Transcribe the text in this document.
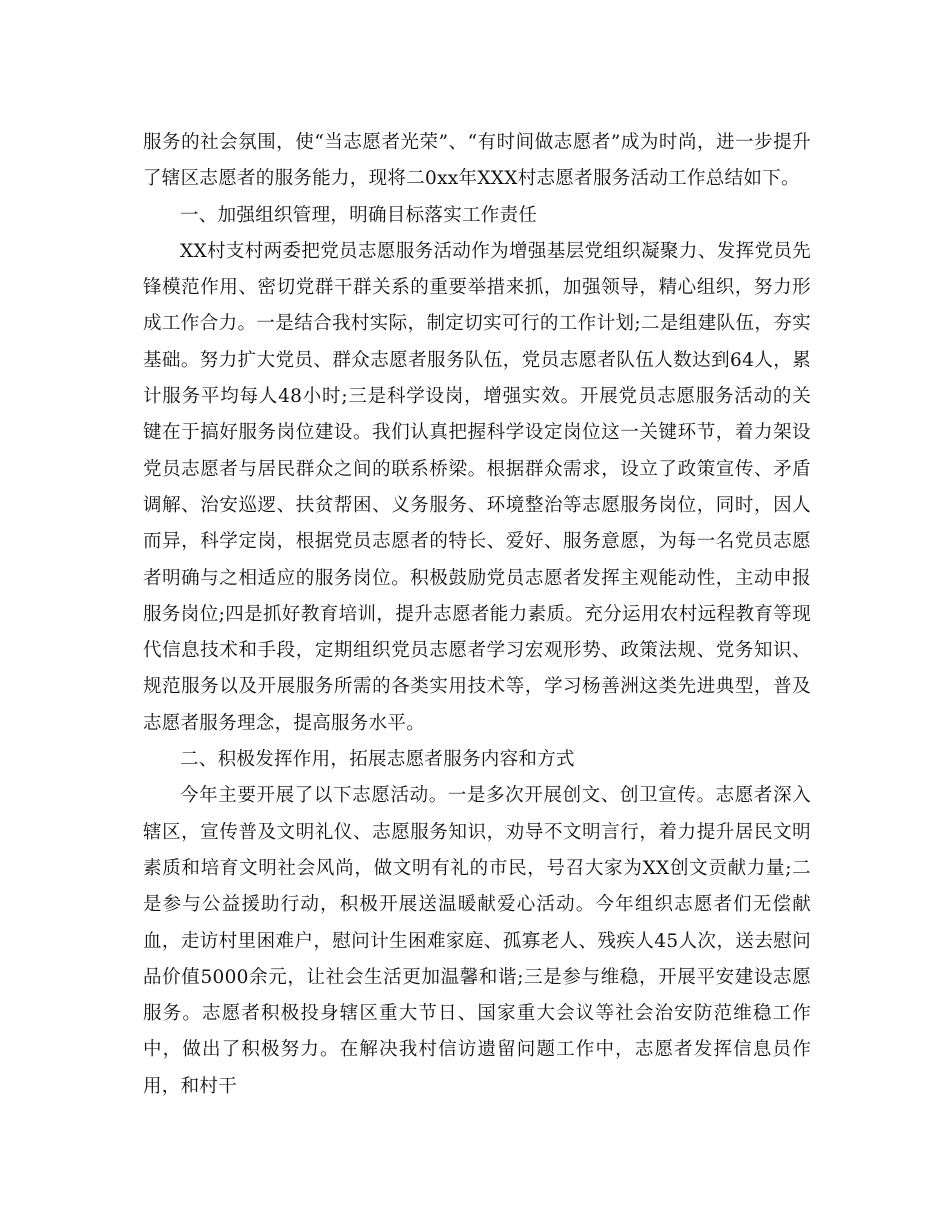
服务的社会氛围，使“当志愿者光荣”、“有时间做志愿者”成为时尚，进一步提升了辖区志愿者的服务能力，现将二0xx年XXX村志愿者服务活动工作总结如下。

一、加强组织管理，明确目标落实工作责任

XX村支村两委把党员志愿服务活动作为增强基层党组织凝聚力、发挥党员先锋模范作用、密切党群干群关系的重要举措来抓，加强领导，精心组织，努力形成工作合力。一是结合我村实际，制定切实可行的工作计划;二是组建队伍，夯实基础。努力扩大党员、群众志愿者服务队伍，党员志愿者队伍人数达到64人，累计服务平均每人48小时;三是科学设岗，增强实效。开展党员志愿服务活动的关键在于搞好服务岗位建设。我们认真把握科学设定岗位这一关键环节，着力架设党员志愿者与居民群众之间的联系桥梁。根据群众需求，设立了政策宣传、矛盾调解、治安巡逻、扶贫帮困、义务服务、环境整治等志愿服务岗位，同时，因人而异，科学定岗，根据党员志愿者的特长、爱好、服务意愿，为每一名党员志愿者明确与之相适应的服务岗位。积极鼓励党员志愿者发挥主观能动性，主动申报服务岗位;四是抓好教育培训，提升志愿者能力素质。充分运用农村远程教育等现代信息技术和手段，定期组织党员志愿者学习宏观形势、政策法规、党务知识、规范服务以及开展服务所需的各类实用技术等，学习杨善洲这类先进典型，普及志愿者服务理念，提高服务水平。

二、积极发挥作用，拓展志愿者服务内容和方式

今年主要开展了以下志愿活动。一是多次开展创文、创卫宣传。志愿者深入辖区，宣传普及文明礼仪、志愿服务知识，劝导不文明言行，着力提升居民文明素质和培育文明社会风尚，做文明有礼的市民，号召大家为XX创文贡献力量;二是参与公益援助行动，积极开展送温暖献爱心活动。今年组织志愿者们无偿献血，走访村里困难户，慰问计生困难家庭、孤寡老人、残疾人45人次，送去慰问品价值5000余元，让社会生活更加温馨和谐;三是参与维稳，开展平安建设志愿服务。志愿者积极投身辖区重大节日、国家重大会议等社会治安防范维稳工作中，做出了积极努力。在解决我村信访遗留问题工作中，志愿者发挥信息员作用，和村干
